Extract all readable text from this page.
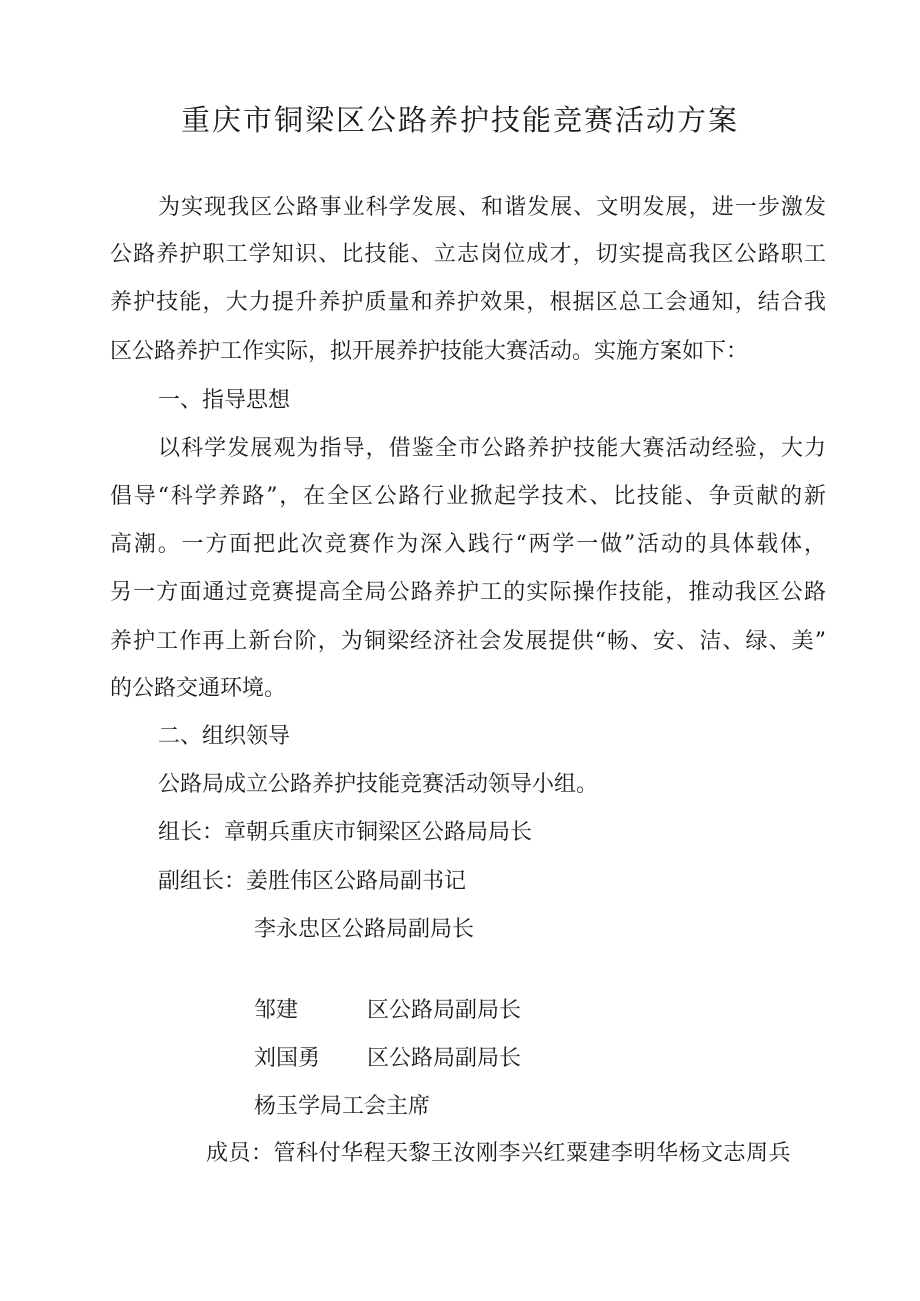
重庆市铜梁区公路养护技能竞赛活动方案
为实现我区公路事业科学发展、和谐发展、文明发展，进一步激发
公路养护职工学知识、比技能、立志岗位成才，切实提高我区公路职工
养护技能，大力提升养护质量和养护效果，根据区总工会通知，结合我
区公路养护工作实际，拟开展养护技能大赛活动。实施方案如下：
一、指导思想
以科学发展观为指导，借鉴全市公路养护技能大赛活动经验，大力
倡导“科学养路”，在全区公路行业掀起学技术、比技能、争贡献的新
高潮。一方面把此次竞赛作为深入践行“两学一做”活动的具体载体，
另一方面通过竞赛提高全局公路养护工的实际操作技能，推动我区公路
养护工作再上新台阶，为铜梁经济社会发展提供“畅、安、洁、绿、美”
的公路交通环境。
二、组织领导
公路局成立公路养护技能竞赛活动领导小组。
组长：章朝兵重庆市铜梁区公路局局长
副组长：姜胜伟区公路局副书记
李永忠区公路局副局长
邹建	区公路局副局长
刘国勇 区公路局副局长
杨玉学局工会主席
成员：管科付华程天黎王汝刚李兴红粟建李明华杨文志周兵
